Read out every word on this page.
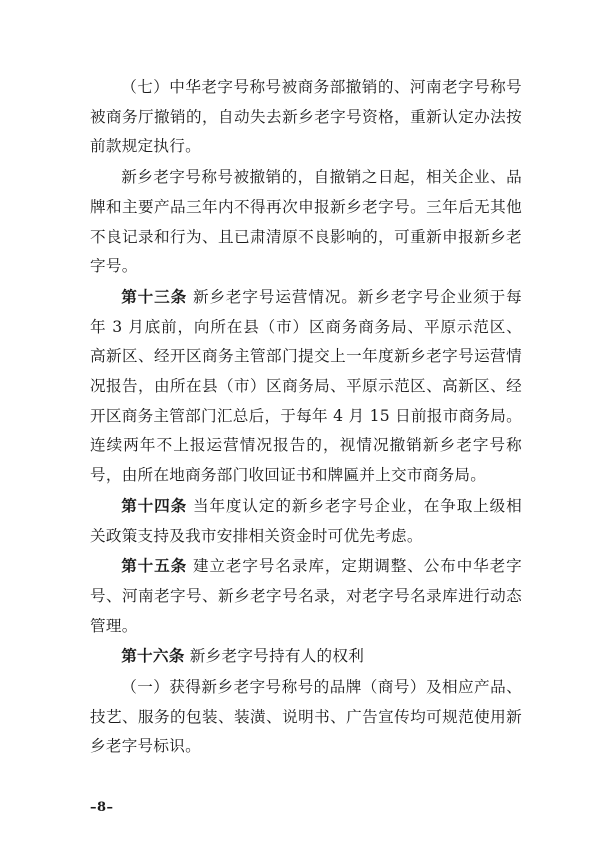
（七）中华老字号称号被商务部撤销的、河南老字号称号被商务厅撤销的，自动失去新乡老字号资格，重新认定办法按前款规定执行。

新乡老字号称号被撤销的，自撤销之日起，相关企业、品牌和主要产品三年内不得再次申报新乡老字号。三年后无其他不良记录和行为、且已肃清原不良影响的，可重新申报新乡老字号。

第十三条 新乡老字号运营情况。新乡老字号企业须于每年 3 月底前，向所在县（市）区商务商务局、平原示范区、高新区、经开区商务主管部门提交上一年度新乡老字号运营情况报告，由所在县（市）区商务局、平原示范区、高新区、经开区商务主管部门汇总后，于每年 4 月 15 日前报市商务局。连续两年不上报运营情况报告的，视情况撤销新乡老字号称号，由所在地商务部门收回证书和牌匾并上交市商务局。

第十四条 当年度认定的新乡老字号企业，在争取上级相关政策支持及我市安排相关资金时可优先考虑。

第十五条 建立老字号名录库，定期调整、公布中华老字号、河南老字号、新乡老字号名录，对老字号名录库进行动态管理。

第十六条 新乡老字号持有人的权利

（一）获得新乡老字号称号的品牌（商号）及相应产品、技艺、服务的包装、装潢、说明书、广告宣传均可规范使用新乡老字号标识。

–8–
